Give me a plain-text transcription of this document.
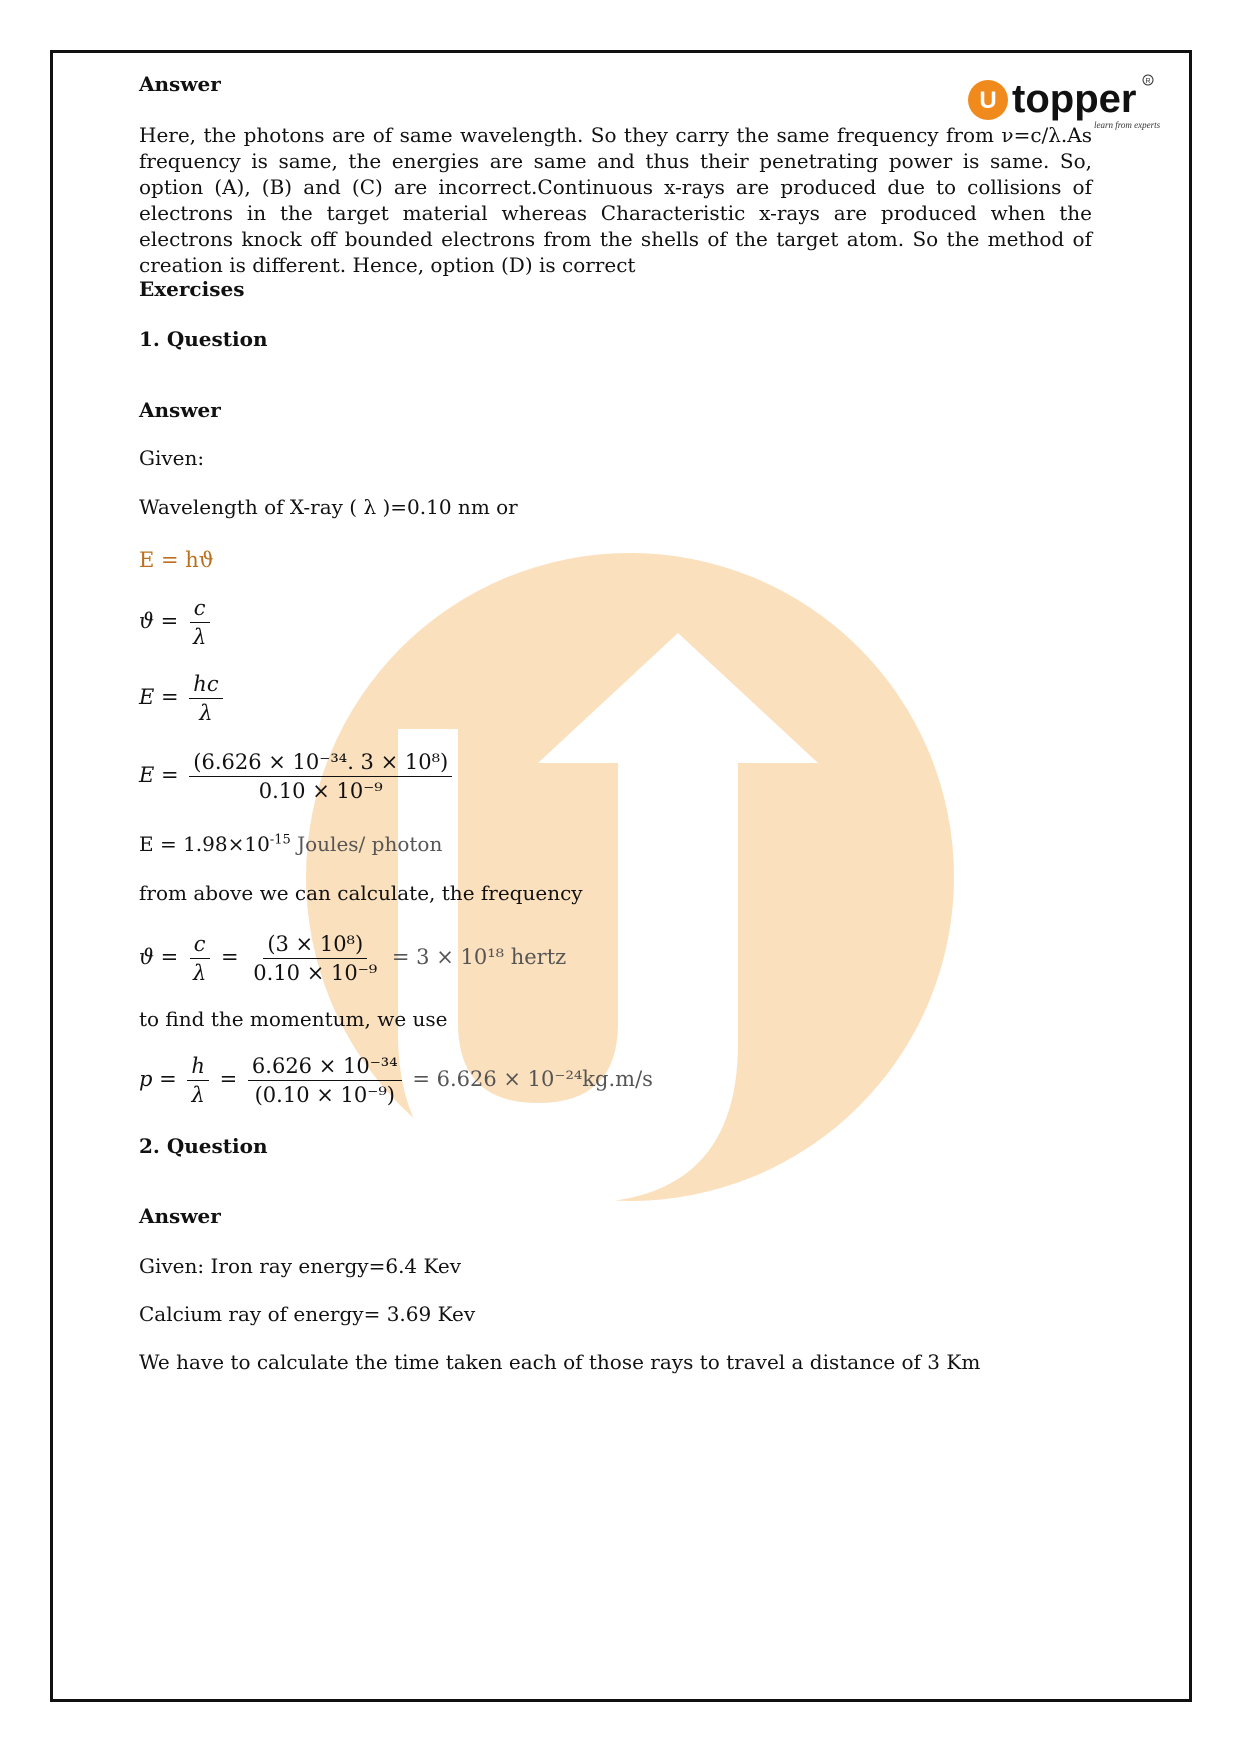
U topper
learn from experts
R
Answer
Here, the photons are of same wavelength. So they carry the same frequency from ν=c/λ.As frequency is same, the energies are same and thus their penetrating power is same. So, option (A), (B) and (C) are incorrect.Continuous x-rays are produced due to collisions of electrons in the target material whereas Characteristic x-rays are produced when the electrons knock off bounded electrons from the shells of the target atom. So the method of creation is different. Hence, option (D) is correct
Exercises
1. Question
Answer
Given:
Wavelength of X-ray ( λ )=0.10 nm or
E = hϑ
$ϑ = \frac{c}{\lambda}$
$E = \frac{hc}{\lambda}$
$E = \frac{\text{(6.626 × 10⁻³⁴. 3 × 10⁸)}}{\text{0.10 × 10⁻⁹}}$
$E = 1.98\times 10^{-15}$ Joules/ photon
from above we can calculate, the frequency
$ϑ = \frac{c}{\lambda} = \frac{\text{(3 × 10⁸)}}{\text{0.10 × 10⁻⁹}} = 3 \times 10^{18}$ hertz
to find the momentum, we use
$p = \frac{h}{\lambda} = \frac{\text{6.626 × 10⁻³⁴}}{\text{(0.10 × 10⁻⁹)}} = 6.626 \times 10^{-24}kg.m/s$
2. Question
Answer
Given: Iron ray energy=6.4 Kev
Calcium ray of energy= 3.69 Kev
We have to calculate the time taken each of those rays to travel a distance of 3 Km
